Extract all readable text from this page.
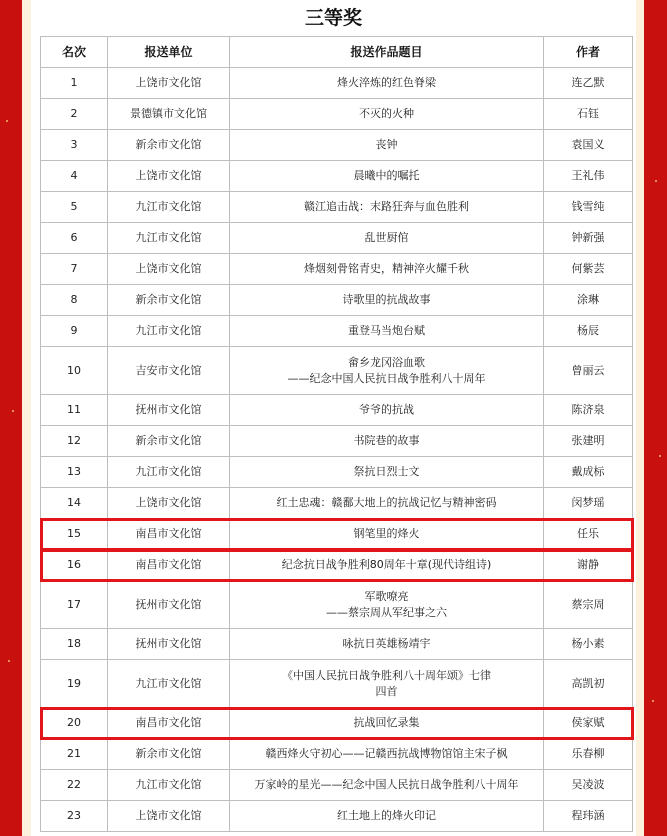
三等奖
名次	报送单位	报送作品题目	作者
1	上饶市文化馆	烽火淬炼的红色脊梁	连乙默
2	景德镇市文化馆	不灭的火种	石钰
3	新余市文化馆	丧钟	袁国义
4	上饶市文化馆	晨曦中的嘱托	王礼伟
5	九江市文化馆	赣江追击战：末路狂奔与血色胜利	钱雪纯
6	九江市文化馆	乱世厨倌	钟新强
7	上饶市文化馆	烽烟刻骨铭青史，精神淬火耀千秋	何紫芸
8	新余市文化馆	诗歌里的抗战故事	涂琳
9	九江市文化馆	重登马当炮台赋	杨辰
10	吉安市文化馆	畲乡龙冈浴血歌
——纪念中国人民抗日战争胜利八十周年	曾丽云
11	抚州市文化馆	爷爷的抗战	陈济泉
12	新余市文化馆	书院巷的故事	张建明
13	九江市文化馆	祭抗日烈士文	戴成标
14	上饶市文化馆	红土忠魂：赣鄱大地上的抗战记忆与精神密码	闵梦瑶
15	南昌市文化馆	钢笔里的烽火	任乐
16	南昌市文化馆	纪念抗日战争胜利80周年十章(现代诗组诗)	谢静
17	抚州市文化馆	军歌嘹亮
——蔡宗周从军纪事之六	蔡宗周
18	抚州市文化馆	咏抗日英雄杨靖宇	杨小素
19	九江市文化馆	《中国人民抗日战争胜利八十周年颂》七律
四首	高凯初
20	南昌市文化馆	抗战回忆录集	侯家赋
21	新余市文化馆	赣西烽火守初心——记赣西抗战博物馆馆主宋子枫	乐春柳
22	九江市文化馆	万家岭的星光——纪念中国人民抗日战争胜利八十周年	吴凌波
23	上饶市文化馆	红土地上的烽火印记	程玮涵
